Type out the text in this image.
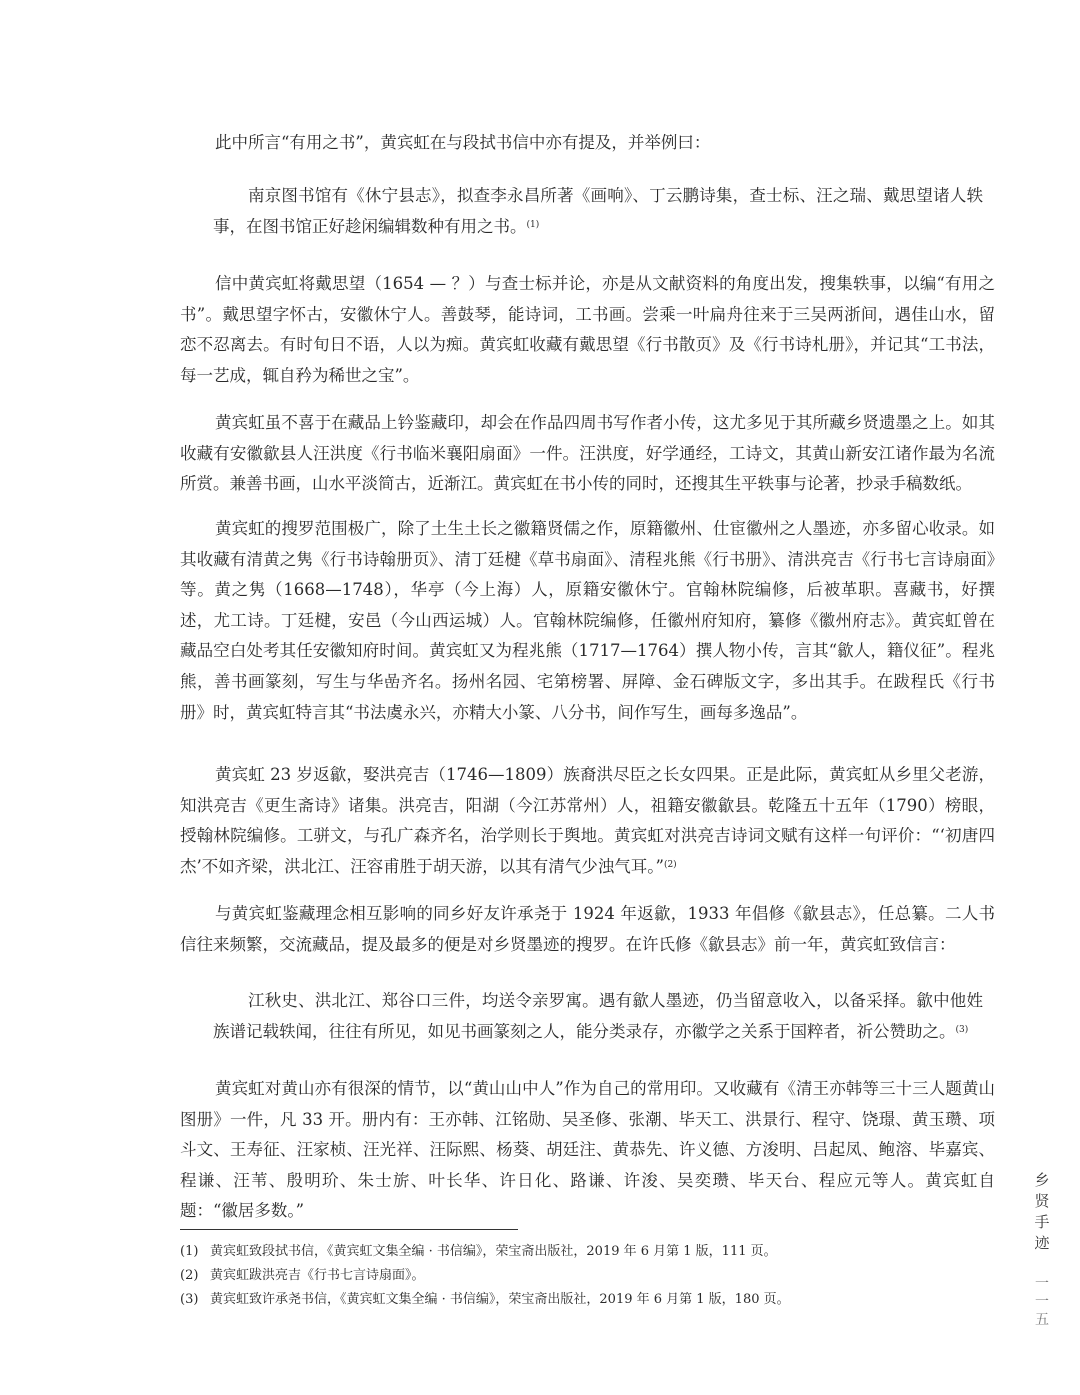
此中所言“有用之书”，黄宾虹在与段拭书信中亦有提及，并举例曰：
南京图书馆有《休宁县志》，拟查李永昌所著《画响》、丁云鹏诗集，查士标、汪之瑞、戴思望诸人轶事，在图书馆正好趁闲编辑数种有用之书。$^{(1)}$
信中黄宾虹将戴思望（1654 — ？）与查士标并论，亦是从文献资料的角度出发，搜集轶事，以编“有用之书”。戴思望字怀古，安徽休宁人。善鼓琴，能诗词，工书画。尝乘一叶扁舟往来于三吴两浙间，遇佳山水，留恋不忍离去。有时旬日不语，人以为痴。黄宾虹收藏有戴思望《行书散页》及《行书诗札册》，并记其“工书法，每一艺成，辄自矜为稀世之宝”。
黄宾虹虽不喜于在藏品上钤鉴藏印，却会在作品四周书写作者小传，这尤多见于其所藏乡贤遗墨之上。如其收藏有安徽歙县人汪洪度《行书临米襄阳扇面》一件。汪洪度，好学通经，工诗文，其黄山新安江诸作最为名流所赏。兼善书画，山水平淡简古，近渐江。黄宾虹在书小传的同时，还搜其生平轶事与论著，抄录手稿数纸。
黄宾虹的搜罗范围极广，除了土生土长之徽籍贤儒之作，原籍徽州、仕宦徽州之人墨迹，亦多留心收录。如其收藏有清黄之隽《行书诗翰册页》、清丁廷楗《草书扇面》、清程兆熊《行书册》、清洪亮吉《行书七言诗扇面》等。黄之隽（1668—1748），华亭（今上海）人，原籍安徽休宁。官翰林院编修，后被革职。喜藏书，好撰述，尤工诗。丁廷楗，安邑（今山西运城）人。官翰林院编修，任徽州府知府，纂修《徽州府志》。黄宾虹曾在藏品空白处考其任安徽知府时间。黄宾虹又为程兆熊（1717—1764）撰人物小传，言其“歙人，籍仪征”。程兆熊，善书画篆刻，写生与华嵒齐名。扬州名园、宅第榜署、屏障、金石碑版文字，多出其手。在跋程氏《行书册》时，黄宾虹特言其“书法虞永兴，亦精大小篆、八分书，间作写生，画每多逸品”。
黄宾虹 23 岁返歙，娶洪亮吉（1746—1809）族裔洪尽臣之长女四果。正是此际，黄宾虹从乡里父老游，知洪亮吉《更生斋诗》诸集。洪亮吉，阳湖（今江苏常州）人，祖籍安徽歙县。乾隆五十五年（1790）榜眼，授翰林院编修。工骈文，与孔广森齐名，治学则长于舆地。黄宾虹对洪亮吉诗词文赋有这样一句评价：“‘初唐四杰’不如齐梁，洪北江、汪容甫胜于胡天游，以其有清气少浊气耳。”$^{(2)}$
与黄宾虹鉴藏理念相互影响的同乡好友许承尧于 1924 年返歙，1933 年倡修《歙县志》，任总纂。二人书信往来频繁，交流藏品，提及最多的便是对乡贤墨迹的搜罗。在许氏修《歙县志》前一年，黄宾虹致信言：
江秋史、洪北江、郑谷口三件，均送令亲罗寓。遇有歙人墨迹，仍当留意收入，以备采择。歙中他姓族谱记载轶闻，往往有所见，如见书画篆刻之人，能分类录存，亦徽学之关系于国粹者，祈公赞助之。$^{(3)}$
黄宾虹对黄山亦有很深的情节，以“黄山山中人”作为自己的常用印。又收藏有《清王亦韩等三十三人题黄山图册》一件，凡 33 开。册内有：王亦韩、江铭勋、吴圣修、张潮、毕天工、洪景行、程守、饶璟、黄玉瓒、项斗文、王寿征、汪家桢、汪光祥、汪际熙、杨葵、胡廷注、黄恭先、许义德、方浚明、吕起凤、鲍溶、毕嘉宾、程谦、汪苇、殷明玠、朱士旂、叶长华、许日化、路谦、许浚、吴奕瓒、毕天台、程应元等人。黄宾虹自题：“徽居多数。”
(1) 黄宾虹致段拭书信，《黄宾虹文集全编 · 书信编》，荣宝斋出版社，2019 年 6 月第 1 版，111 页。
(2) 黄宾虹跋洪亮吉《行书七言诗扇面》。
(3) 黄宾虹致许承尧书信，《黄宾虹文集全编 · 书信编》，荣宝斋出版社，2019 年 6 月第 1 版，180 页。
乡
贤
手
迹
一
一
五
